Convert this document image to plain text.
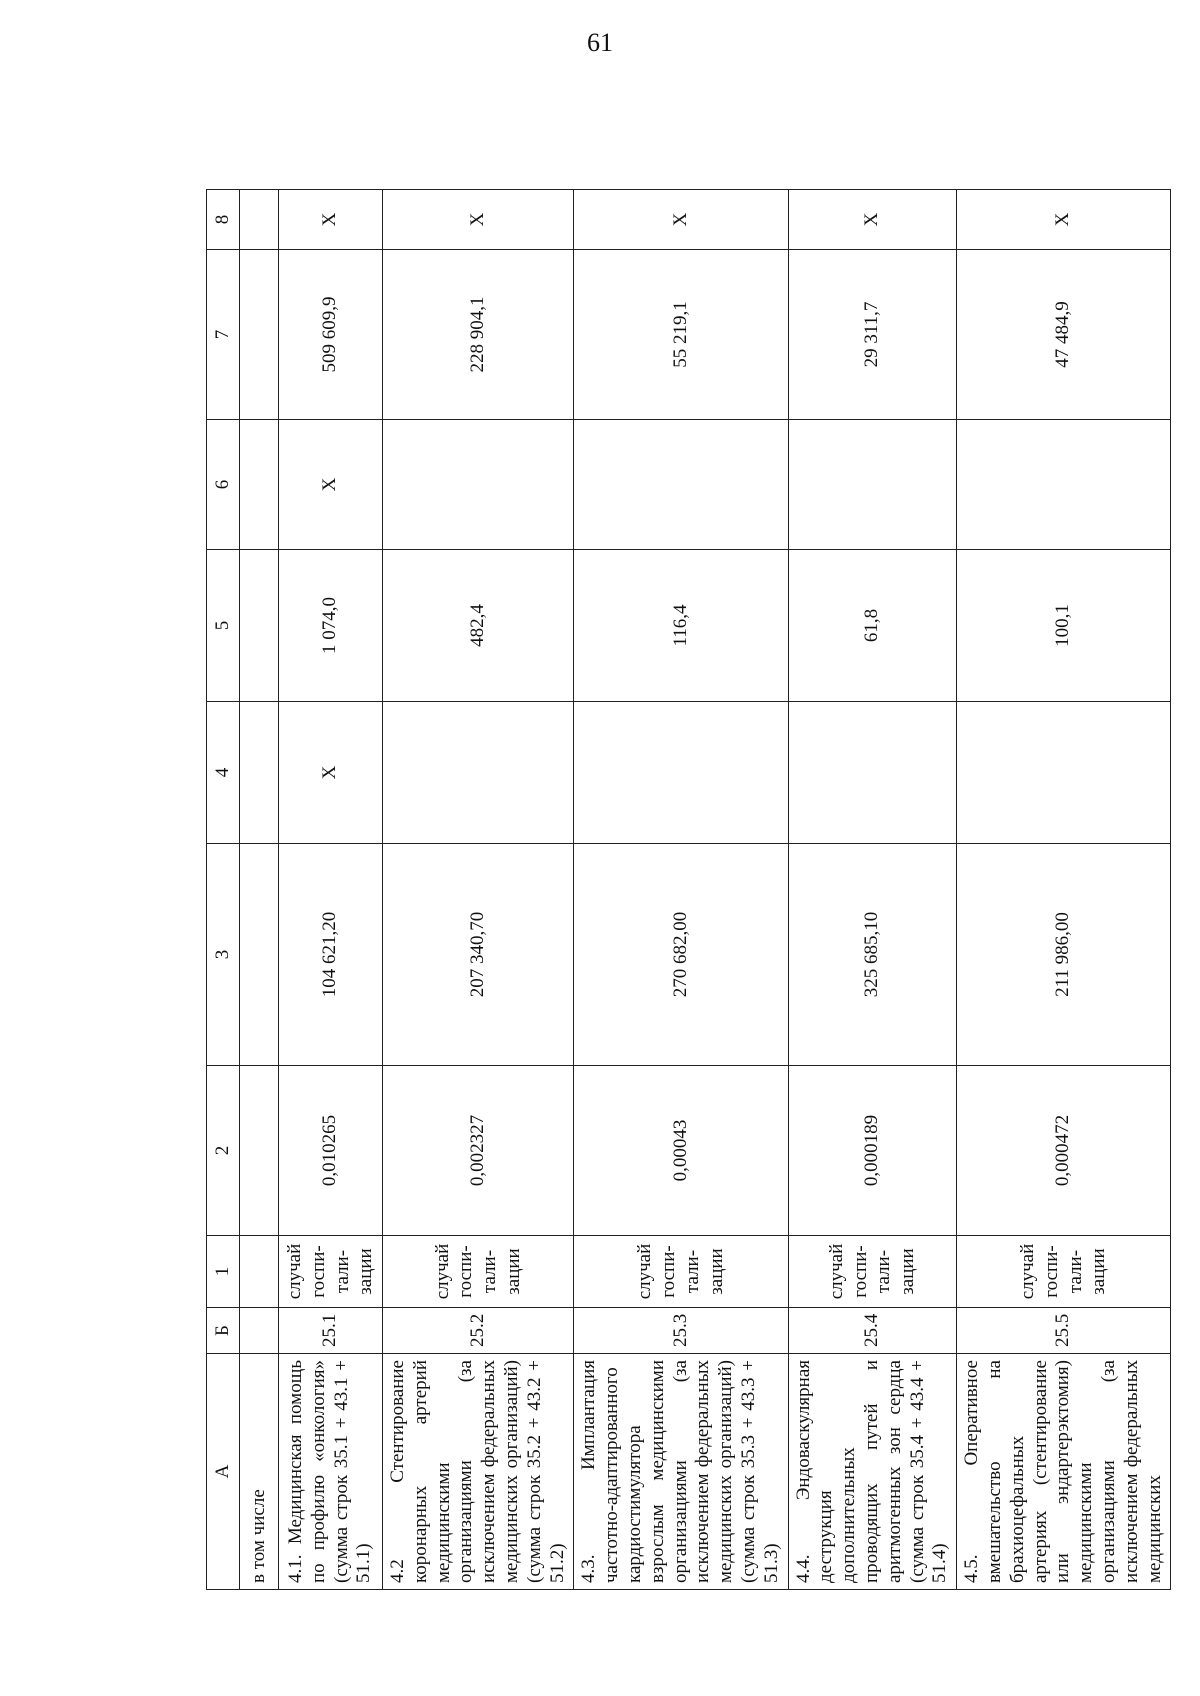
61
А	Б	1	2	3	4	5	6	7	8
в том числе									
4.1. Медицинская помощь по профилю «онкология» (сумма строк 35.1 + 43.1 + 51.1)	25.1	случай госпи- тали- зации	0,010265	104 621,20	Х	1 074,0	Х	509 609,9	Х
4.2 Стентирование коронарных артерий медицинскими организациями (за исключением федеральных медицинских организаций) (сумма строк 35.2 + 43.2 + 51.2)	25.2	случай госпи- тали- зации	0,002327	207 340,70		482,4		228 904,1	Х
4.3. Имплантация частотно-адаптированного кардиостимулятора взрослым медицинскими организациями (за исключением федеральных медицинских организаций) (сумма строк 35.3 + 43.3 + 51.3)	25.3	случай госпи- тали- зации	0,00043	270 682,00		116,4		55 219,1	Х
4.4. Эндоваскулярная деструкция дополнительных проводящих путей и аритмогенных зон сердца (сумма строк 35.4 + 43.4 + 51.4)	25.4	случай госпи- тали- зации	0,000189	325 685,10		61,8		29 311,7	Х
4.5. Оперативное вмешательство на брахиоцефальных артериях (стентирование или эндартерэктомия) медицинскими организациями (за исключением федеральных медицинских	25.5	случай госпи- тали- зации	0,000472	211 986,00		100,1		47 484,9	Х
